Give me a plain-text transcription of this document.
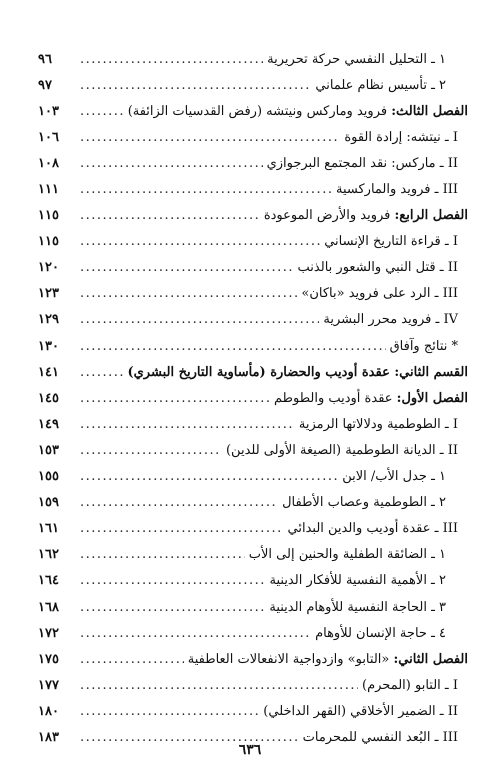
٩٦ .....	١ ـ التحليل النفسي حركة تحريرية
٩٧ .....	٢ ـ تأسيس نظام علماني
١٠٣ .....	الفصل الثالث: فرويد وماركس ونيتشه (رفض القدسيات الزائفة)
١٠٦ .....	I ـ نيتشه: إرادة القوة
١٠٨ .....	II ـ ماركس: نقد المجتمع البرجوازي
١١١ .....	III ـ فرويد والماركسية
١١٥ .....	الفصل الرابع: فرويد والأرض الموعودة
١١٥ .....	I ـ قراءة التاريخ الإنساني
١٢٠ .....	II ـ قتل النبي والشعور بالذنب
١٢٣ .....	III ـ الرد على فرويد «باكان»
١٢٩ .....	IV ـ فرويد محرر البشرية
١٣٠ .....	* نتائج وآفاق
١٤١ .....	القسم الثاني: عقدة أوديب والحضارة (مأساوية التاريخ البشري)
١٤٥ .....	الفصل الأول: عقدة أوديب والطوطم
١٤٩ .....	I ـ الطوطمية ودلالاتها الرمزية
١٥٣ .....	II ـ الديانة الطوطمية (الصيغة الأولى للدين)
١٥٥ .....	١ ـ جدل الأب/ الابن
١٥٩ .....	٢ ـ الطوطمية وعصاب الأطفال
١٦١ .....	III ـ عقدة أوديب والدين البدائي
١٦٢ .....	١ ـ الضائقة الطفلية والحنين إلى الأب
١٦٤ .....	٢ ـ الأهمية النفسية للأفكار الدينية
١٦٨ .....	٣ ـ الحاجة النفسية للأوهام الدينية
١٧٢ .....	٤ ـ حاجة الإنسان للأوهام
١٧٥ .....	الفصل الثاني: «التابو» وازدواجية الانفعالات العاطفية
١٧٧ .....	I ـ التابو (المحرم)
١٨٠ .....	II ـ الضمير الأخلاقي (القهر الداخلي)
١٨٣ .....	III ـ البُعد النفسي للمحرمات
٦٣٦
